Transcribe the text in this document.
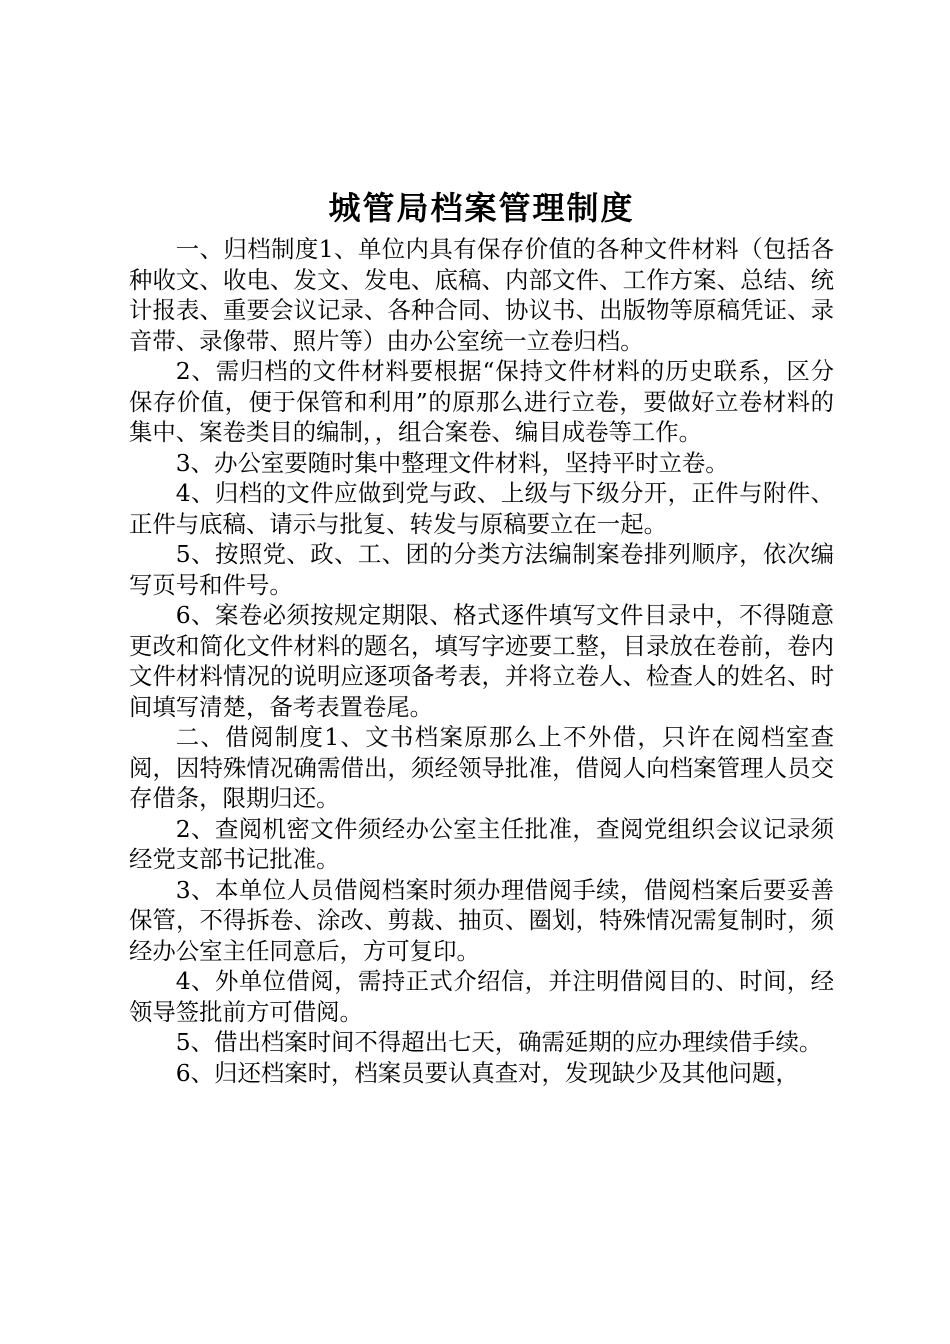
城管局档案管理制度

一、归档制度1、单位内具有保存价值的各种文件材料（包括各种收文、收电、发文、发电、底稿、内部文件、工作方案、总结、统计报表、重要会议记录、各种合同、协议书、出版物等原稿凭证、录音带、录像带、照片等）由办公室统一立卷归档。

2、需归档的文件材料要根据“保持文件材料的历史联系，区分保存价值，便于保管和利用”的原那么进行立卷，要做好立卷材料的集中、案卷类目的编制，，组合案卷、编目成卷等工作。

3、办公室要随时集中整理文件材料，坚持平时立卷。

4、归档的文件应做到党与政、上级与下级分开，正件与附件、正件与底稿、请示与批复、转发与原稿要立在一起。

5、按照党、政、工、团的分类方法编制案卷排列顺序，依次编写页号和件号。

6、案卷必须按规定期限、格式逐件填写文件目录中，不得随意更改和简化文件材料的题名，填写字迹要工整，目录放在卷前，卷内文件材料情况的说明应逐项备考表，并将立卷人、检查人的姓名、时间填写清楚，备考表置卷尾。

二、借阅制度1、文书档案原那么上不外借，只许在阅档室查阅，因特殊情况确需借出，须经领导批准，借阅人向档案管理人员交存借条，限期归还。

2、查阅机密文件须经办公室主任批准，查阅党组织会议记录须经党支部书记批准。

3、本单位人员借阅档案时须办理借阅手续，借阅档案后要妥善保管，不得拆卷、涂改、剪裁、抽页、圈划，特殊情况需复制时，须经办公室主任同意后，方可复印。

4、外单位借阅，需持正式介绍信，并注明借阅目的、时间，经领导签批前方可借阅。

5、借出档案时间不得超出七天，确需延期的应办理续借手续。

6、归还档案时，档案员要认真查对，发现缺少及其他问题，
